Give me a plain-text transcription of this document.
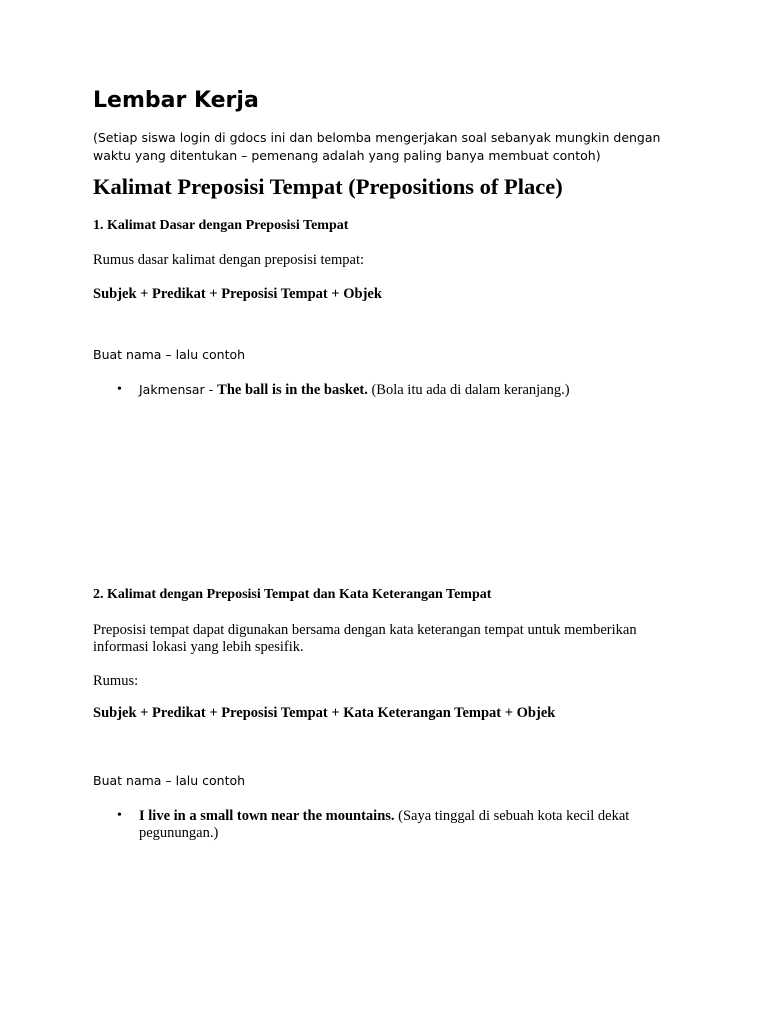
Lembar Kerja

(Setiap siswa login di gdocs ini dan belomba mengerjakan soal sebanyak mungkin dengan waktu yang ditentukan – pemenang adalah yang paling banya membuat contoh)

Kalimat Preposisi Tempat (Prepositions of Place)

1. Kalimat Dasar dengan Preposisi Tempat

Rumus dasar kalimat dengan preposisi tempat:

Subjek + Predikat + Preposisi Tempat + Objek

Buat nama – lalu contoh

• Jakmensar - The ball is in the basket. (Bola itu ada di dalam keranjang.)

2. Kalimat dengan Preposisi Tempat dan Kata Keterangan Tempat

Preposisi tempat dapat digunakan bersama dengan kata keterangan tempat untuk memberikan informasi lokasi yang lebih spesifik.

Rumus:

Subjek + Predikat + Preposisi Tempat + Kata Keterangan Tempat + Objek

Buat nama – lalu contoh

• I live in a small town near the mountains. (Saya tinggal di sebuah kota kecil dekat pegunungan.)
